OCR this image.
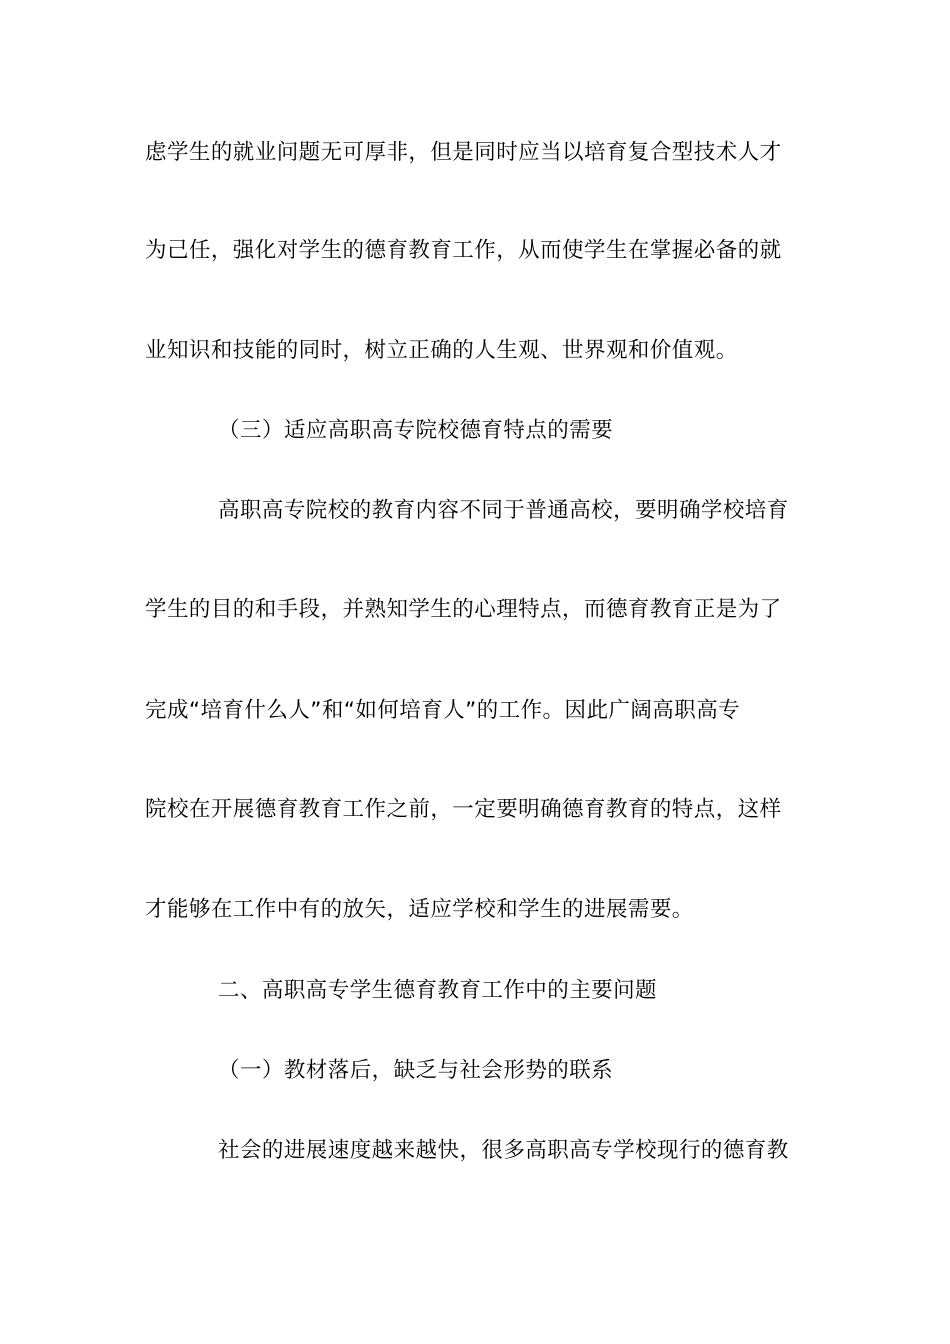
虑学生的就业问题无可厚非，但是同时应当以培育复合型技术人才
为己任，强化对学生的德育教育工作，从而使学生在掌握必备的就
业知识和技能的同时，树立正确的人生观、世界观和价值观。
（三）适应高职高专院校德育特点的需要
高职高专院校的教育内容不同于普通高校，要明确学校培育
学生的目的和手段，并熟知学生的心理特点，而德育教育正是为了
完成“培育什么人”和“如何培育人”的工作。因此广阔高职高专
院校在开展德育教育工作之前，一定要明确德育教育的特点，这样
才能够在工作中有的放矢，适应学校和学生的进展需要。
二、高职高专学生德育教育工作中的主要问题
（一）教材落后，缺乏与社会形势的联系
社会的进展速度越来越快，很多高职高专学校现行的德育教
